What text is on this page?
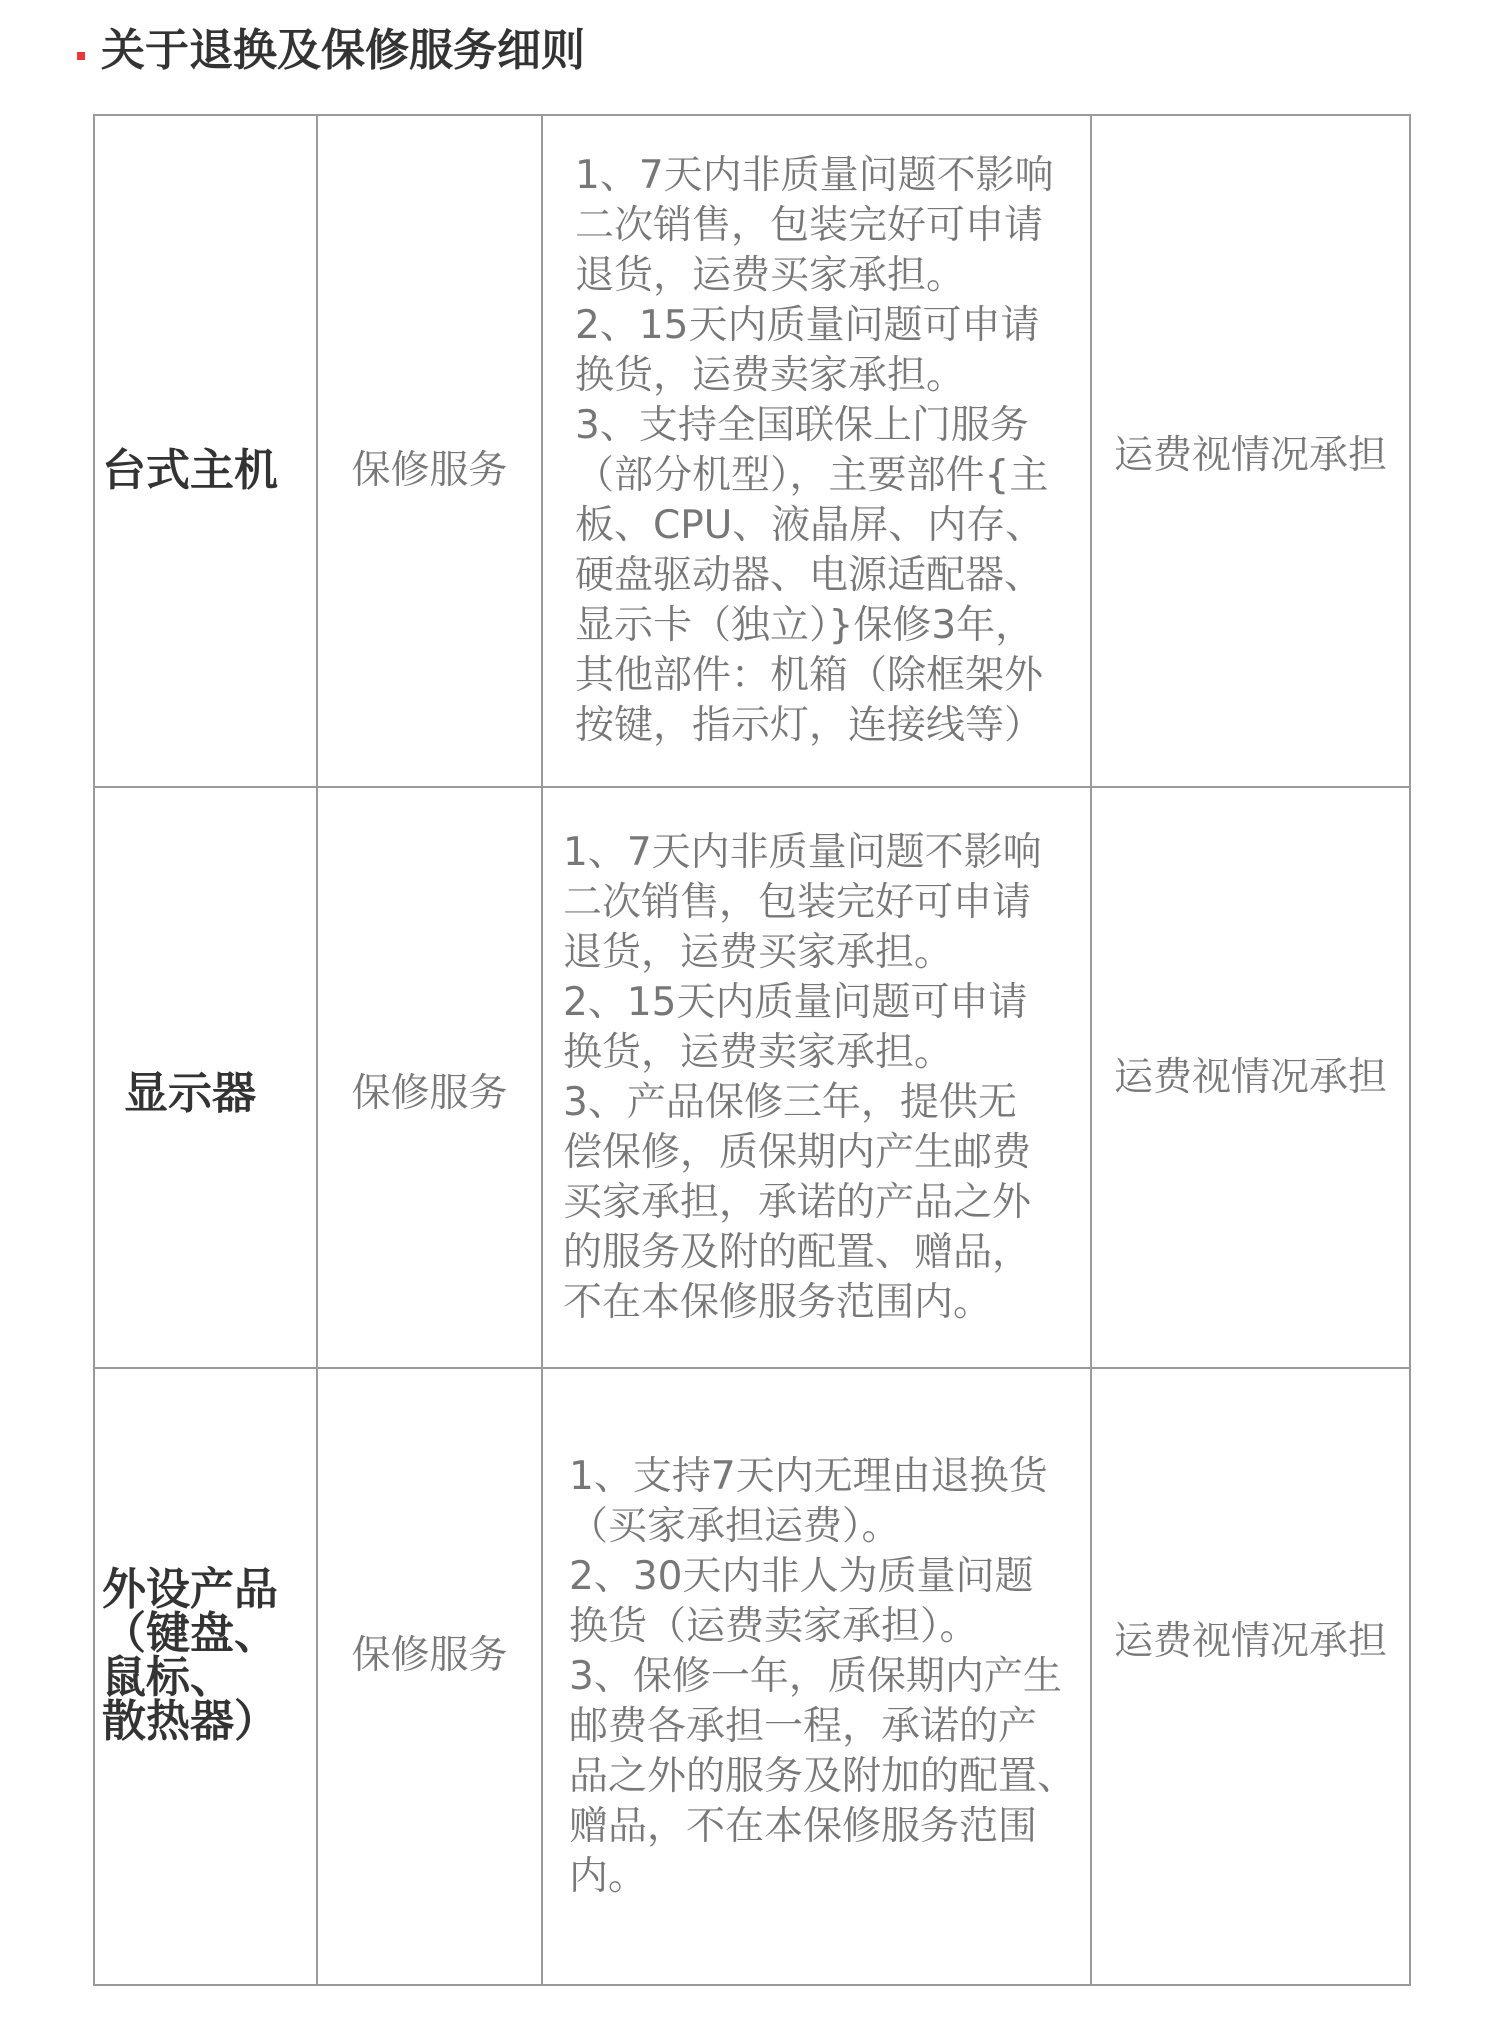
关于退换及保修服务细则
台式主机 保修服务
1、7天内非质量问题不影响
二次销售，包装完好可申请
退货，运费买家承担。
2、15天内质量问题可申请
换货，运费卖家承担。
3、支持全国联保上门服务
（部分机型），主要部件{主
板、CPU、液晶屏、内存、
硬盘驱动器、电源适配器、
显示卡（独立）}保修3年，
其他部件：机箱（除框架外
按键，指示灯，连接线等）
运费视情况承担
显示器 保修服务
1、7天内非质量问题不影响
二次销售，包装完好可申请
退货，运费买家承担。
2、15天内质量问题可申请
换货，运费卖家承担。
3、产品保修三年，提供无
偿保修，质保期内产生邮费
买家承担，承诺的产品之外
的服务及附的配置、赠品，
不在本保修服务范围内。
运费视情况承担
外设产品
（键盘、
鼠标、
散热器）
保修服务
1、支持7天内无理由退换货
（买家承担运费）。
2、30天内非人为质量问题
换货（运费卖家承担）。
3、保修一年，质保期内产生
邮费各承担一程，承诺的产
品之外的服务及附加的配置、
赠品，不在本保修服务范围
内。
运费视情况承担
